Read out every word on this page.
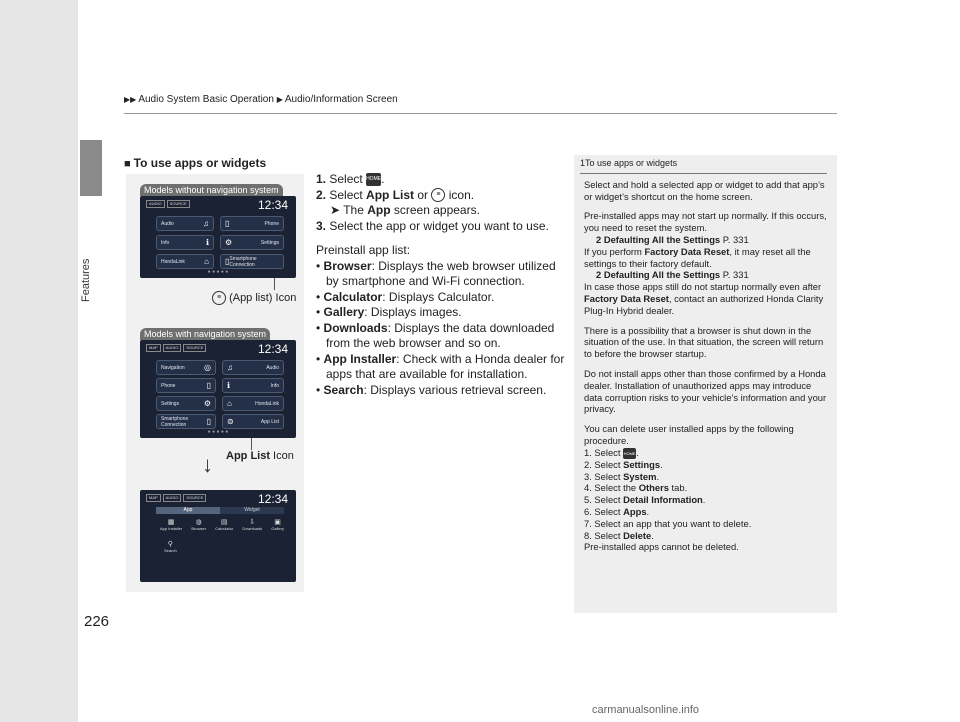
Features
226
▶▶ Audio System Basic Operation ▶ Audio/Information Screen
■ To use apps or widgets
Models without navigation system
AUDIO	SOURCE	12:34
Audio	♫ ▯	Phone
Info	ℹ ⚙	Settings
HondaLink ⌂ ▯ Smartphone Connection
● ● ● ● ●
≡ (App list) Icon
Models with navigation system
MAP	AUDIO	SOURCE	12:34
Navigation ◎ ♫	Audio
Phone	▯ ℹ	Info
Settings	⚙ ⌂	HondaLink
Smartphone Connection	▯ ⊜	App List
● ● ● ● ●
App List Icon
MAP	AUDIO	SOURCE	12:34
App	Widget
▦
App Installer
◍
Browser
▤
Calculator
⇩
Downloads
▣
Gallery
⚲
Search
↓

1. Select HOME.

2. Select App List or ≡ icon.

➤ The App screen appears.

3. Select the app or widget you want to use.

Preinstall app list:

• Browser: Displays the web browser utilized by smartphone and Wi-Fi connection.

• Calculator: Displays Calculator.

• Gallery: Displays images.

• Downloads: Displays the data downloaded from the web browser and so on.

• App Installer: Check with a Honda dealer for apps that are available for installation.

• Search: Displays various retrieval screen.

1To use apps or widgets

Select and hold a selected app or widget to add that app’s or widget’s shortcut on the home screen.

Pre-installed apps may not start up normally. If this occurs, you need to reset the system.
2 Defaulting All the Settings P. 331
If you perform Factory Data Reset, it may reset all the settings to their factory default.
2 Defaulting All the Settings P. 331
In case those apps still do not startup normally even after Factory Data Reset, contact an authorized Honda Clarity Plug-In Hybrid dealer.

There is a possibility that a browser is shut down in the situation of the use. In that situation, the screen will return to before the browser startup.

Do not install apps other than those confirmed by a Honda dealer. Installation of unauthorized apps may introduce data corruption risks to your vehicle’s information and your privacy.

You can delete user installed apps by the following procedure.

1. Select HOME.

2. Select Settings.

3. Select System.

4. Select the Others tab.

5. Select Detail Information.

6. Select Apps.

7. Select an app that you want to delete.

8. Select Delete.

Pre-installed apps cannot be deleted.

carmanualsonline.info
